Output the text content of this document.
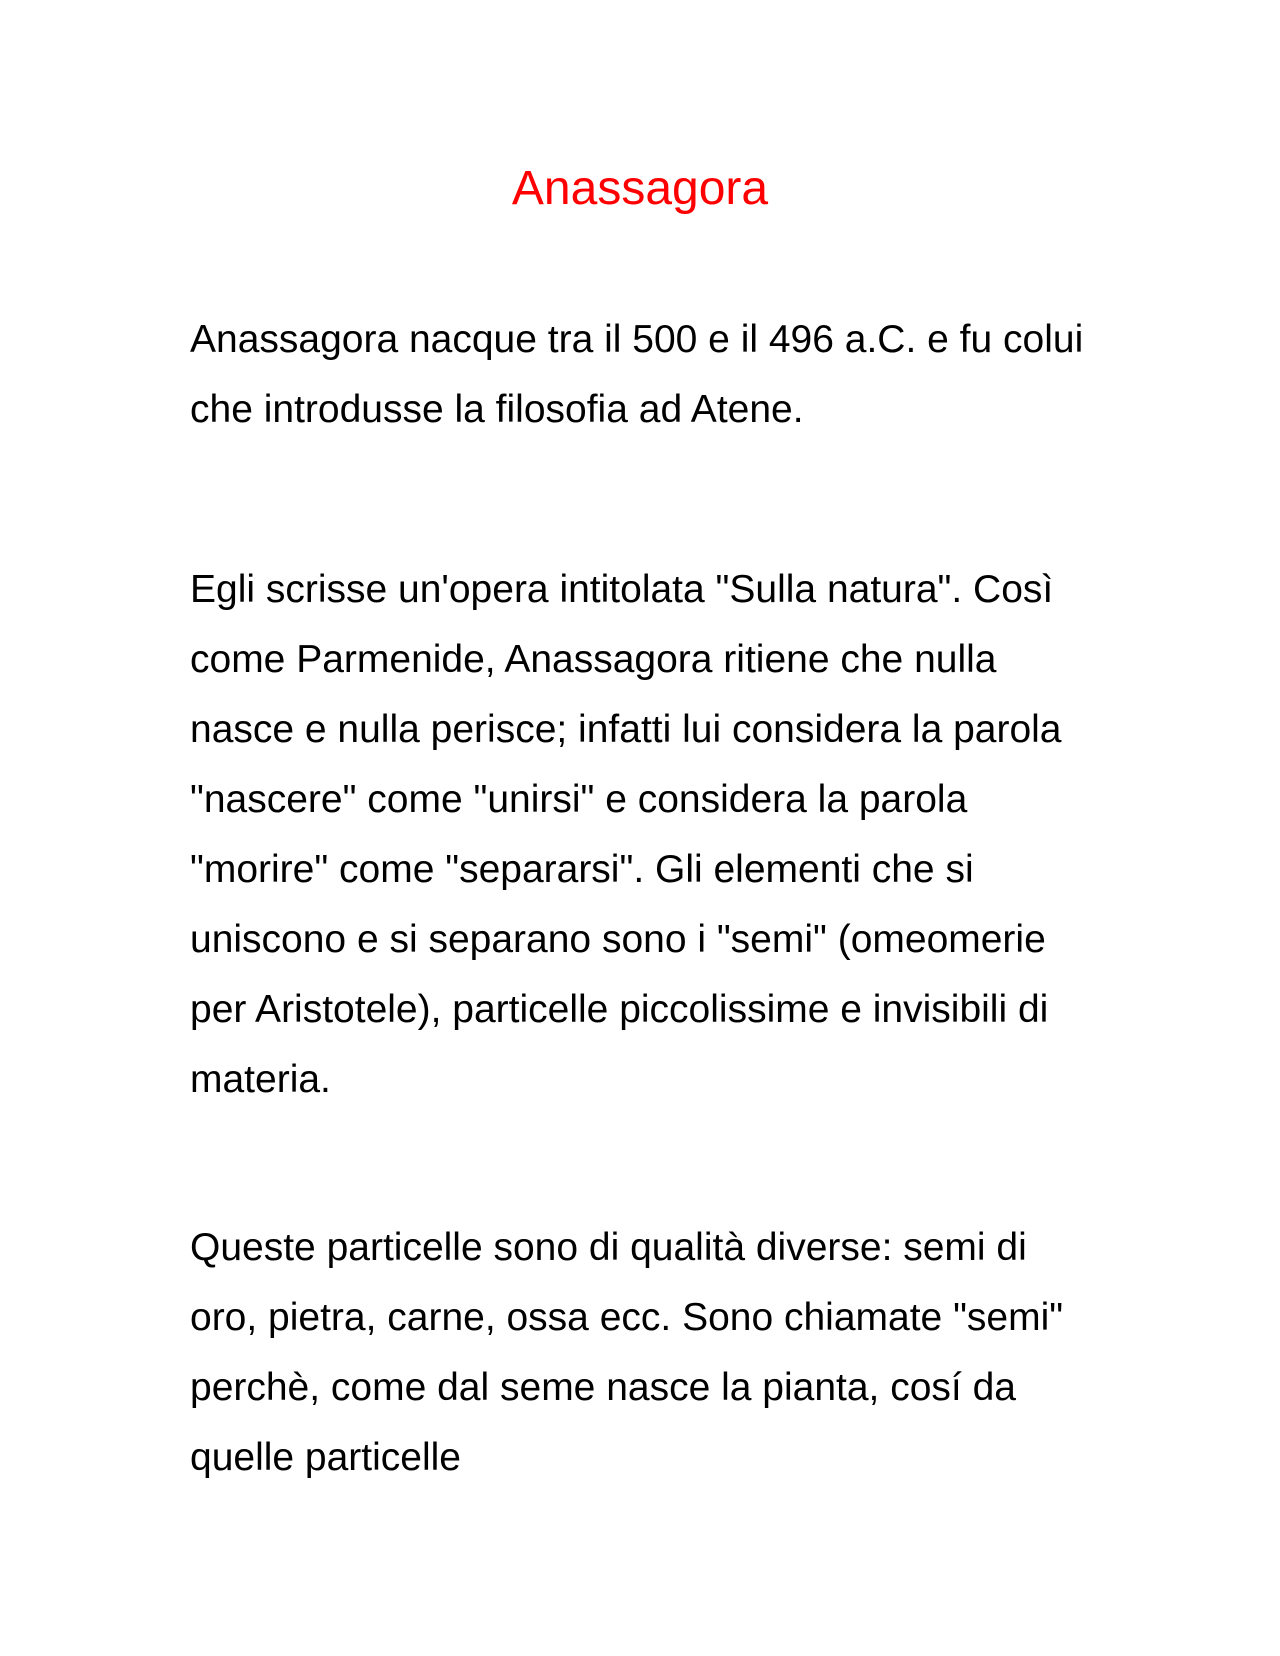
Anassagora

Anassagora nacque tra il 500 e il 496 a.C. e fu colui che introdusse la filosofia ad Atene.

Egli scrisse un'opera intitolata "Sulla natura". Così come Parmenide, Anassagora ritiene che nulla nasce e nulla perisce; infatti lui considera la parola "nascere" come "unirsi" e considera la parola "morire" come "separarsi". Gli elementi che si uniscono e si separano sono i "semi" (omeomerie per Aristotele), particelle piccolissime e invisibili di materia.

Queste particelle sono di qualità diverse: semi di oro, pietra, carne, ossa ecc. Sono chiamate "semi" perchè, come dal seme nasce la pianta, cosí da quelle particelle
